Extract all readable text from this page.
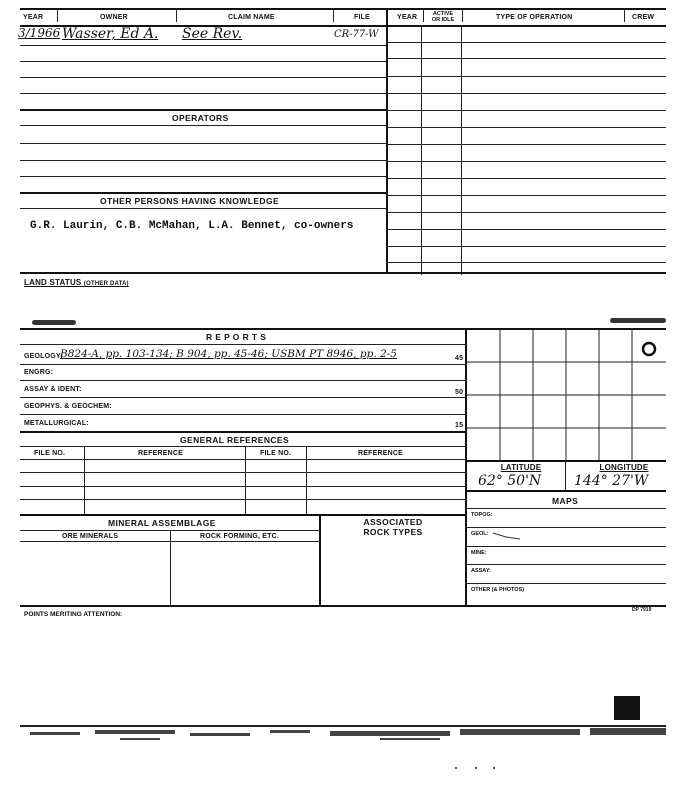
YEAR	OWNER	CLAIM NAME	FILE	YEAR	ACTIVE
OR IDLE	TYPE OF OPERATION	CREW
3/1966 Wasser, Ed A. See Rev.	CR-77-W
OPERATORS
OTHER PERSONS HAVING KNOWLEDGE
G.R. Laurin, C.B. McMahan, L.A. Bennet, co-owners
LAND STATUS (OTHER DATA)
R E P O R T S
GEOLOGY:
B824-A, pp. 103-134; B 904, pp. 45-46; USBM PT 8946, pp. 2-5	45
ENGRG:
ASSAY & IDENT:	50
GEOPHYS. & GEOCHEM:
METALLURGICAL:	15
GENERAL REFERENCES
FILE NO.	REFERENCE	FILE NO.	REFERENCE
MINERAL ASSEMBLAGE	ASSOCIATED
ROCK TYPES
ORE MINERALS	ROCK FORMING, ETC.
LATITUDE	LONGITUDE
62° 50'N 144° 27'W
MAPS
TOPOG:
GEOL:
MINE:
ASSAY:
OTHER (& PHOTOS)
POINTS MERITING ATTENTION:
DP 7919
